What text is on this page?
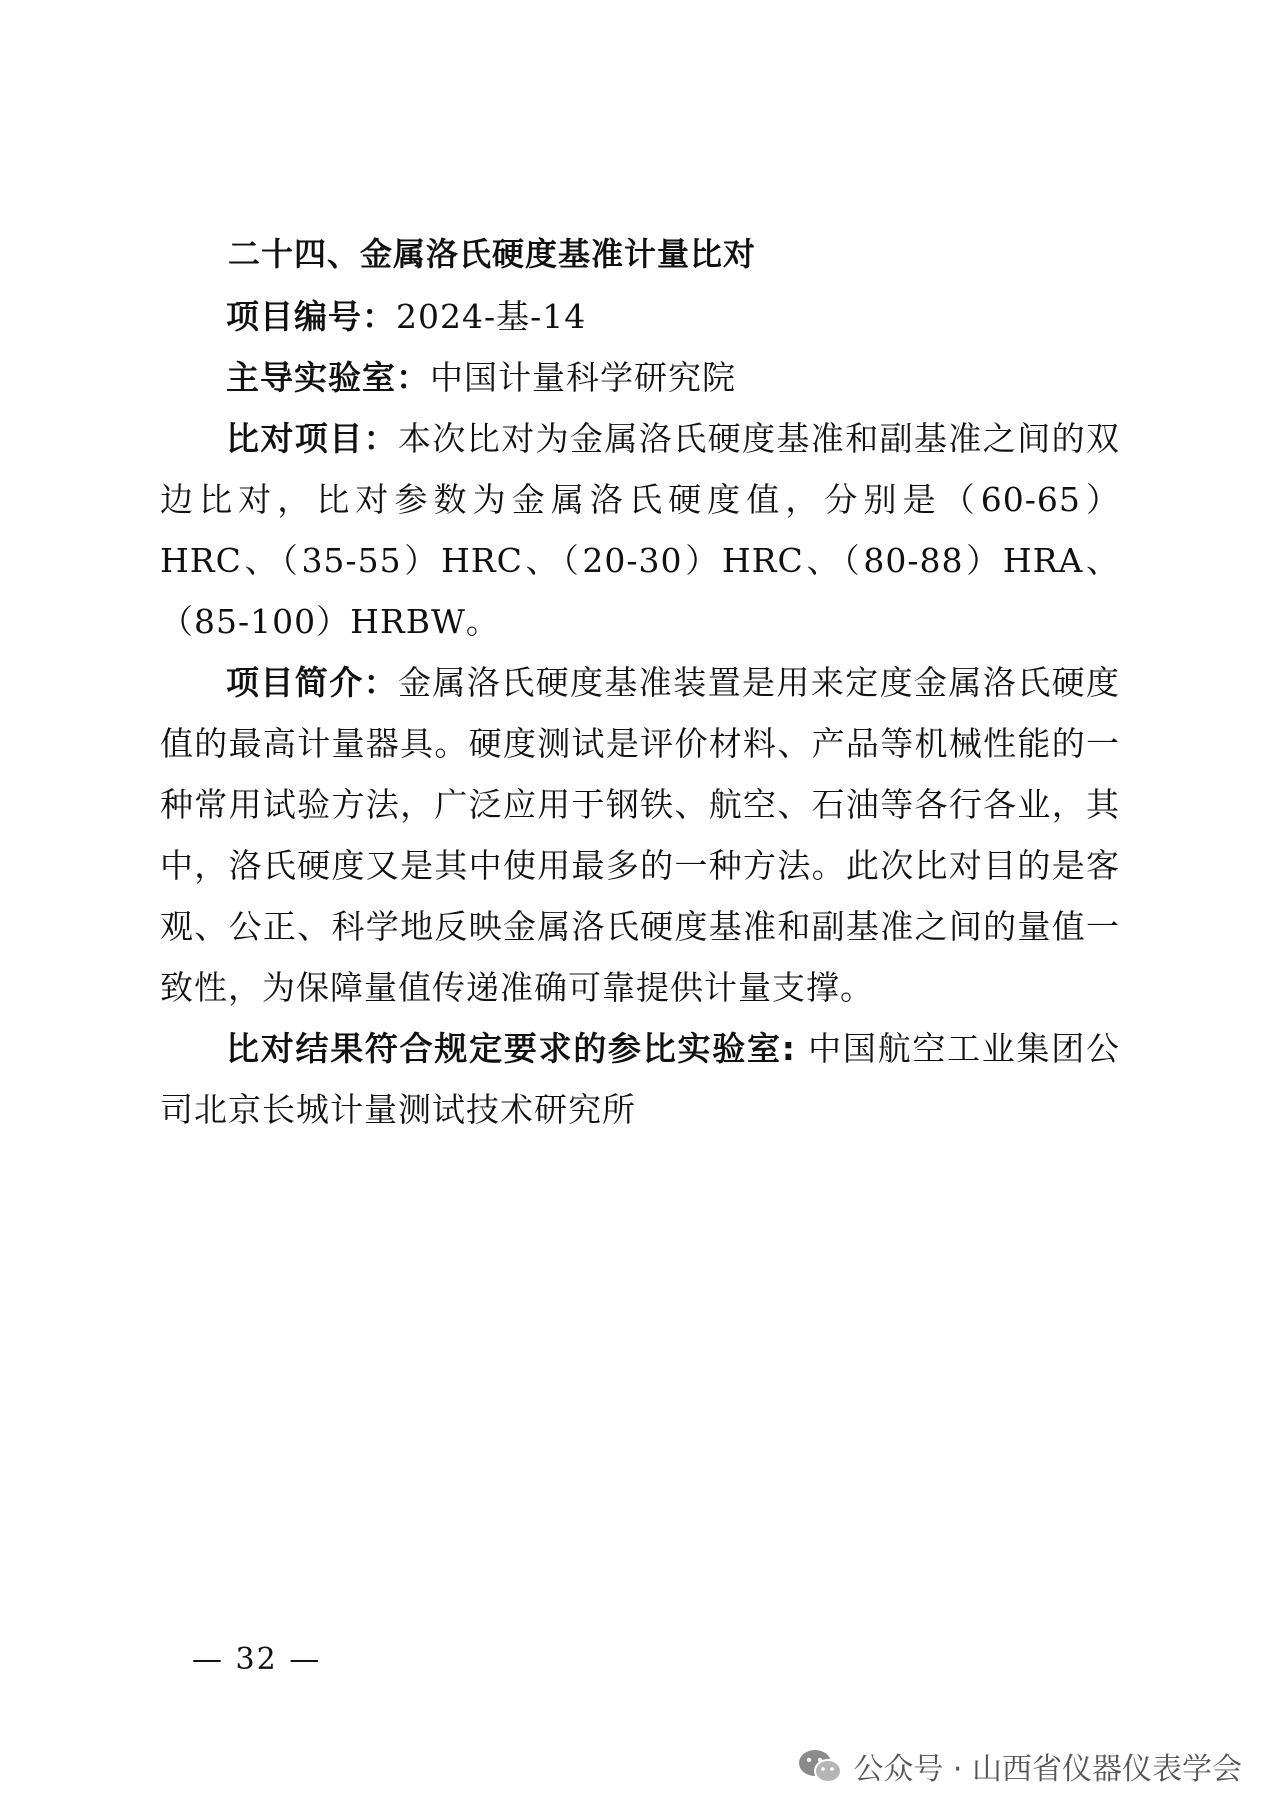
二十四、金属洛氏硬度基准计量比对

项目编号：2024-基-14

主导实验室：中国计量科学研究院

比对项目：本次比对为金属洛氏硬度基准和副基准之间的双边比对，比对参数为金属洛氏硬度值，分别是（60-65）HRC、（35-55）HRC、（20-30）HRC、（80-88）HRA、（85-100）HRBW。

项目简介：金属洛氏硬度基准装置是用来定度金属洛氏硬度值的最高计量器具。硬度测试是评价材料、产品等机械性能的一种常用试验方法，广泛应用于钢铁、航空、石油等各行各业，其中，洛氏硬度又是其中使用最多的一种方法。此次比对目的是客观、公正、科学地反映金属洛氏硬度基准和副基准之间的量值一致性，为保障量值传递准确可靠提供计量支撑。

比对结果符合规定要求的参比实验室: 中国航空工业集团公司北京长城计量测试技术研究所

— 32 —
公众号 · 山西省仪器仪表学会
